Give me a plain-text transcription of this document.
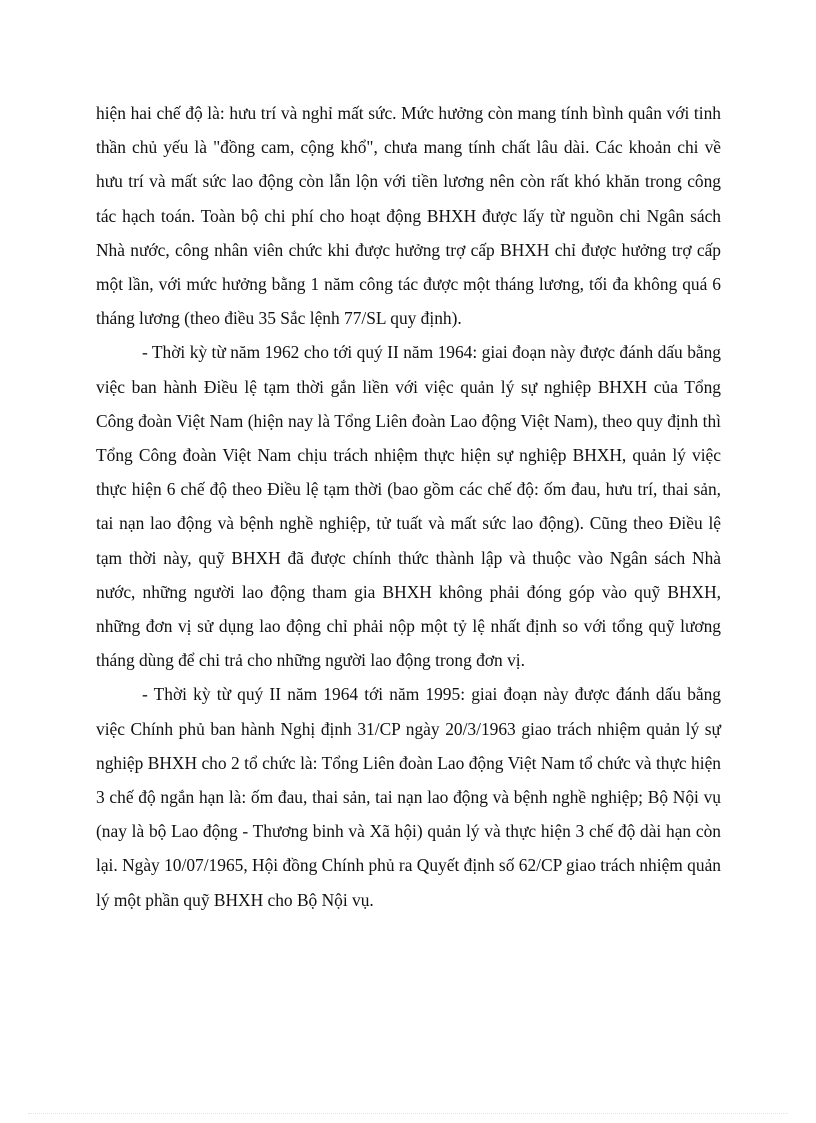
hiện hai chế độ là: hưu trí và nghỉ mất sức. Mức hưởng còn mang tính bình quân với tinh thần chủ yếu là "đồng cam, cộng khổ", chưa mang tính chất lâu dài. Các khoản chi về hưu trí và mất sức lao động còn lẫn lộn với tiền lương nên còn rất khó khăn trong công tác hạch toán. Toàn bộ chi phí cho hoạt động BHXH được lấy từ nguồn chi Ngân sách Nhà nước, công nhân viên chức khi được hưởng trợ cấp BHXH chỉ được hưởng trợ cấp một lần, với mức hưởng bằng 1 năm công tác được một tháng lương, tối đa không quá 6 tháng lương (theo điều 35 Sắc lệnh 77/SL quy định).

- Thời kỳ từ năm 1962 cho tới quý II năm 1964: giai đoạn này được đánh dấu bằng việc ban hành Điều lệ tạm thời gắn liền với việc quản lý sự nghiệp BHXH của Tổng Công đoàn Việt Nam (hiện nay là Tổng Liên đoàn Lao động Việt Nam), theo quy định thì Tổng Công đoàn Việt Nam chịu trách nhiệm thực hiện sự nghiệp BHXH, quản lý việc thực hiện 6 chế độ theo Điều lệ tạm thời (bao gồm các chế độ: ốm đau, hưu trí, thai sản, tai nạn lao động và bệnh nghề nghiệp, tử tuất và mất sức lao động). Cũng theo Điều lệ tạm thời này, quỹ BHXH đã được chính thức thành lập và thuộc vào Ngân sách Nhà nước, những người lao động tham gia BHXH không phải đóng góp vào quỹ BHXH, những đơn vị sử dụng lao động chỉ phải nộp một tỷ lệ nhất định so với tổng quỹ lương tháng dùng để chi trả cho những người lao động trong đơn vị.

- Thời kỳ từ quý II năm 1964 tới năm 1995: giai đoạn này được đánh dấu bằng việc Chính phủ ban hành Nghị định 31/CP ngày 20/3/1963 giao trách nhiệm quản lý sự nghiệp BHXH cho 2 tổ chức là: Tổng Liên đoàn Lao động Việt Nam tổ chức và thực hiện 3 chế độ ngắn hạn là: ốm đau, thai sản, tai nạn lao động và bệnh nghề nghiệp; Bộ Nội vụ (nay là bộ Lao động - Thương binh và Xã hội) quản lý và thực hiện 3 chế độ dài hạn còn lại. Ngày 10/07/1965, Hội đồng Chính phủ ra Quyết định số 62/CP giao trách nhiệm quản lý một phần quỹ BHXH cho Bộ Nội vụ.
